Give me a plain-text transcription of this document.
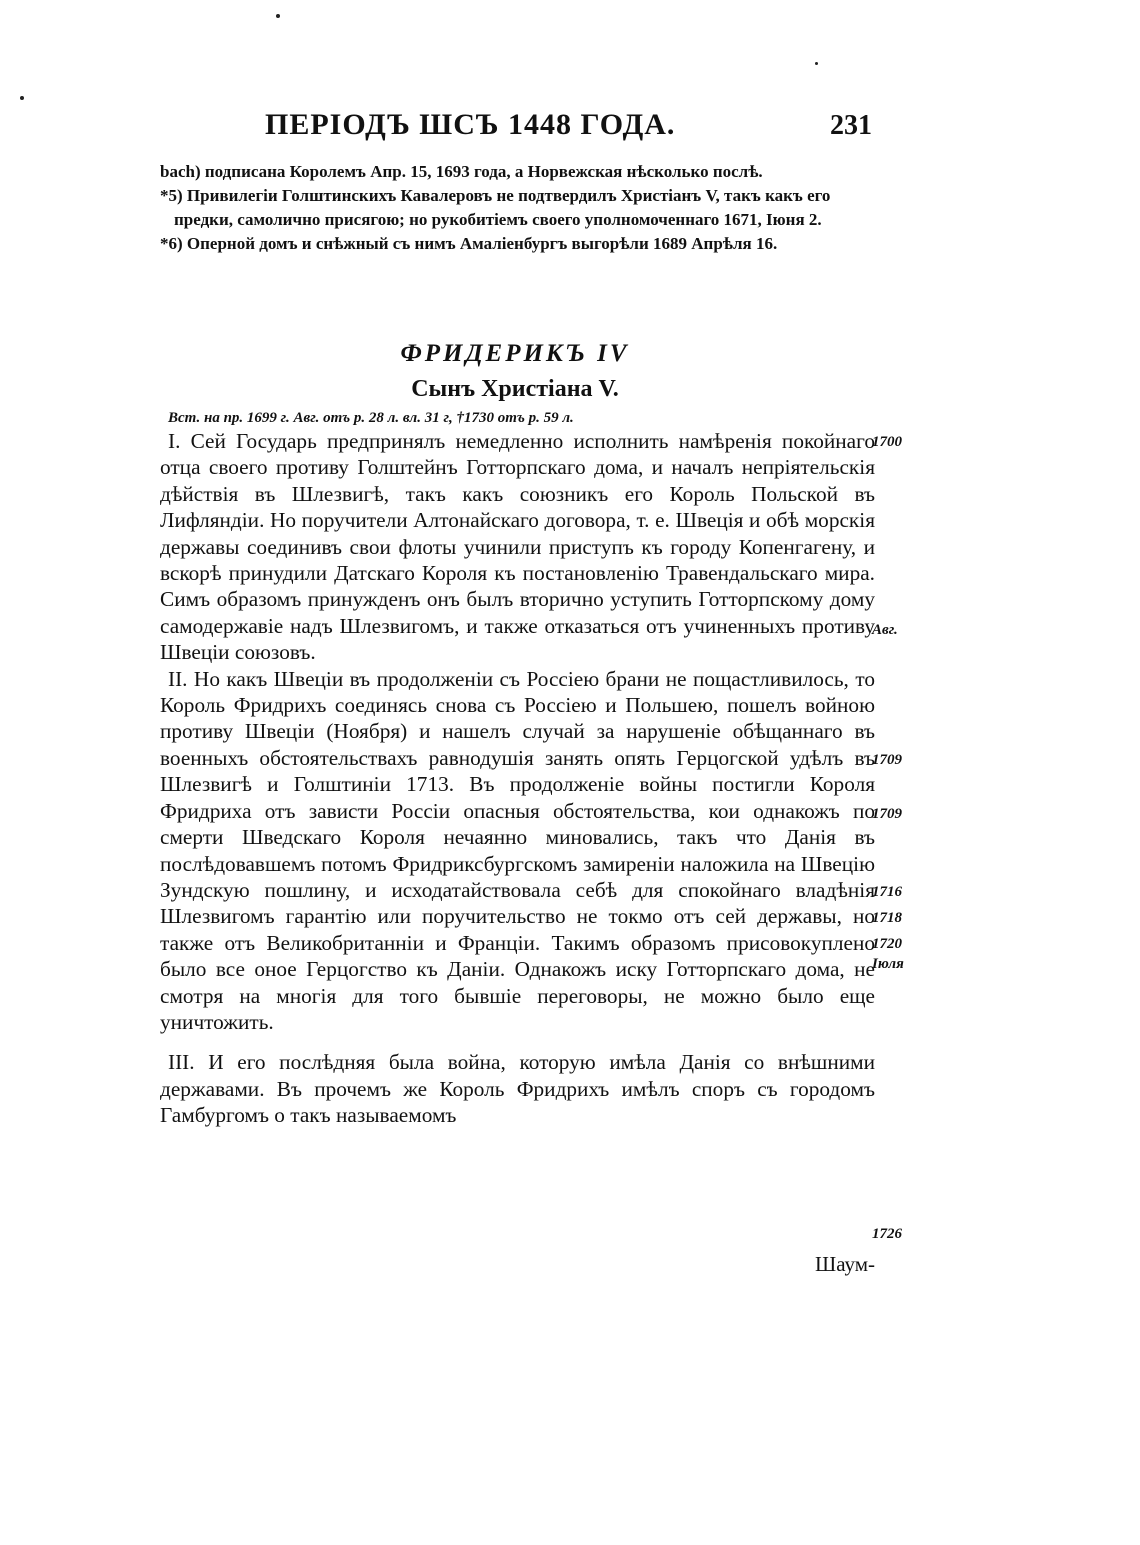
ПЕРІОДЪ ШСЪ 1448 ГОДА.	231

bach) подписана Королемъ Апр. 15, 1693 года, а Норвежская нѣсколько послѣ.

*5) Привилегіи Голштинскихъ Кавалеровъ не подтвердилъ Христіанъ V, такъ какъ его предки, самолично присягою; но рукобитіемъ своего уполномоченнаго 1671, Іюня 2.

*6) Оперной домъ и снѣжный съ нимъ Амалiенбургъ выгорѣли 1689 Апрѣля 16.

ФРИДЕРИКЪ IV
Сынъ Христiана V.
Вст. на пр. 1699 г. Авг. отъ р. 28 л. вл. 31 г, †1730 отъ р. 59 л.

I. Сей Государь предпринялъ немедленно исполнить намѣренія покойнаго отца своего противу Голштейнъ Готторпскаго дома, и началъ непріятельскія дѣйствія въ Шлезвигѣ, такъ какъ союзникъ его Король Польской въ Лифляндіи. Но поручители Алтонайскаго договора, т. е. Швеція и обѣ морскія державы соединивъ свои флоты учинили приступъ къ городу Копенгагену, и вскорѣ принудили Датскаго Короля къ постановленію Травендальскаго мира. Симъ образомъ принужденъ онъ былъ вторично уступить Готторпскому дому самодержавіе надъ Шлезвигомъ, и также отказаться отъ учиненныхъ противу Швеціи союзовъ.

II. Но какъ Швеціи въ продолженіи съ Россіею брани не пощастливилось, то Король Фридрихъ соединясь снова съ Россіею и Польшею, пошелъ войною противу Швеціи (Ноября) и нашелъ случай за нарушеніе обѣщаннаго въ военныхъ обстоятельствахъ равнодушія занять опять Герцогской удѣлъ въ Шлезвигѣ и Голштиніи 1713. Въ продолженіе войны постигли Короля Фридриха отъ зависти Россіи опасныя обстоятельства, кои однакожъ по смерти Шведскаго Короля нечаянно миновались, такъ что Данія въ послѣдовавшемъ потомъ Фридриксбургскомъ замиреніи наложила на Швецію Зундскую пошлину, и исходатайствовала себѣ для спокойнаго владѣнія Шлезвигомъ гарантію или поручительство не токмо отъ сей державы, но также отъ Великобританніи и Франціи. Такимъ образомъ присовокуплено было все оное Герцогство къ Даніи. Однакожъ иску Готторпскаго дома, не смотря на многія для того бывшіе переговоры, не можно было еще уничтожить.

III. И его послѣдняя была война, которую имѣла Данія со внѣшними державами. Въ прочемъ же Король Фридрихъ имѣлъ споръ съ городомъ Гамбургомъ о такъ называемомъ

Шаум-
1700
Авг.
1709
1709
1716
1718
1720
Іюля
1726
